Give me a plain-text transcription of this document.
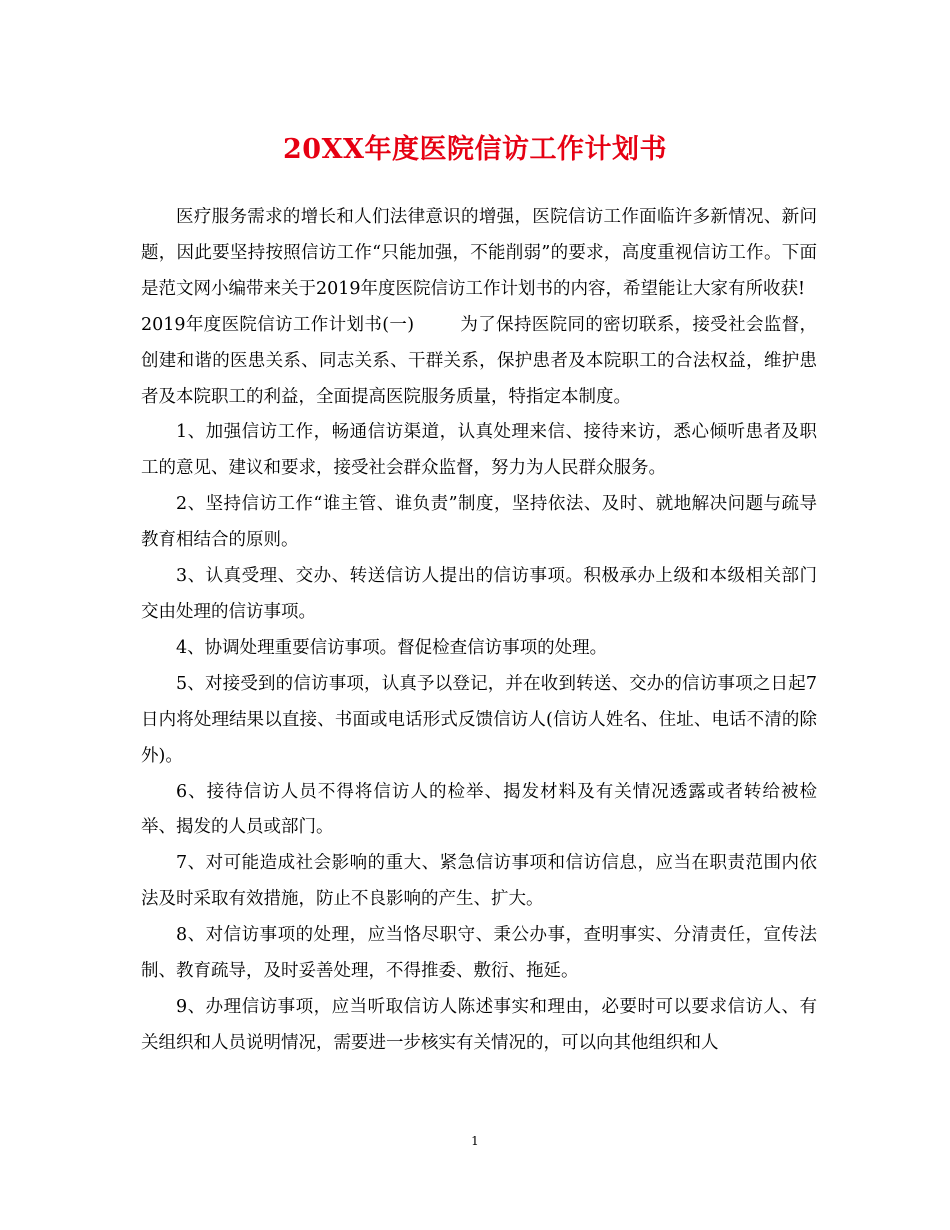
20XX年度医院信访工作计划书

医疗服务需求的增长和人们法律意识的增强，医院信访工作面临许多新情况、新问题，因此要坚持按照信访工作“只能加强，不能削弱”的要求，高度重视信访工作。下面是范文网小编带来关于2019年度医院信访工作计划书的内容，希望能让大家有所收获!

2019年度医院信访工作计划书(一)	为了保持医院同的密切联系，接受社会监督，创建和谐的医患关系、同志关系、干群关系，保护患者及本院职工的合法权益，维护患者及本院职工的利益，全面提高医院服务质量，特指定本制度。

1、加强信访工作，畅通信访渠道，认真处理来信、接待来访，悉心倾听患者及职工的意见、建议和要求，接受社会群众监督，努力为人民群众服务。

2、坚持信访工作“谁主管、谁负责”制度，坚持依法、及时、就地解决问题与疏导教育相结合的原则。

3、认真受理、交办、转送信访人提出的信访事项。积极承办上级和本级相关部门交由处理的信访事项。

4、协调处理重要信访事项。督促检查信访事项的处理。

5、对接受到的信访事项，认真予以登记，并在收到转送、交办的信访事项之日起7日内将处理结果以直接、书面或电话形式反馈信访人(信访人姓名、住址、电话不清的除外)。

6、接待信访人员不得将信访人的检举、揭发材料及有关情况透露或者转给被检举、揭发的人员或部门。

7、对可能造成社会影响的重大、紧急信访事项和信访信息，应当在职责范围内依法及时采取有效措施，防止不良影响的产生、扩大。

8、对信访事项的处理，应当恪尽职守、秉公办事，查明事实、分清责任，宣传法制、教育疏导，及时妥善处理，不得推委、敷衍、拖延。

9、办理信访事项，应当听取信访人陈述事实和理由，必要时可以要求信访人、有关组织和人员说明情况，需要进一步核实有关情况的，可以向其他组织和人

1
